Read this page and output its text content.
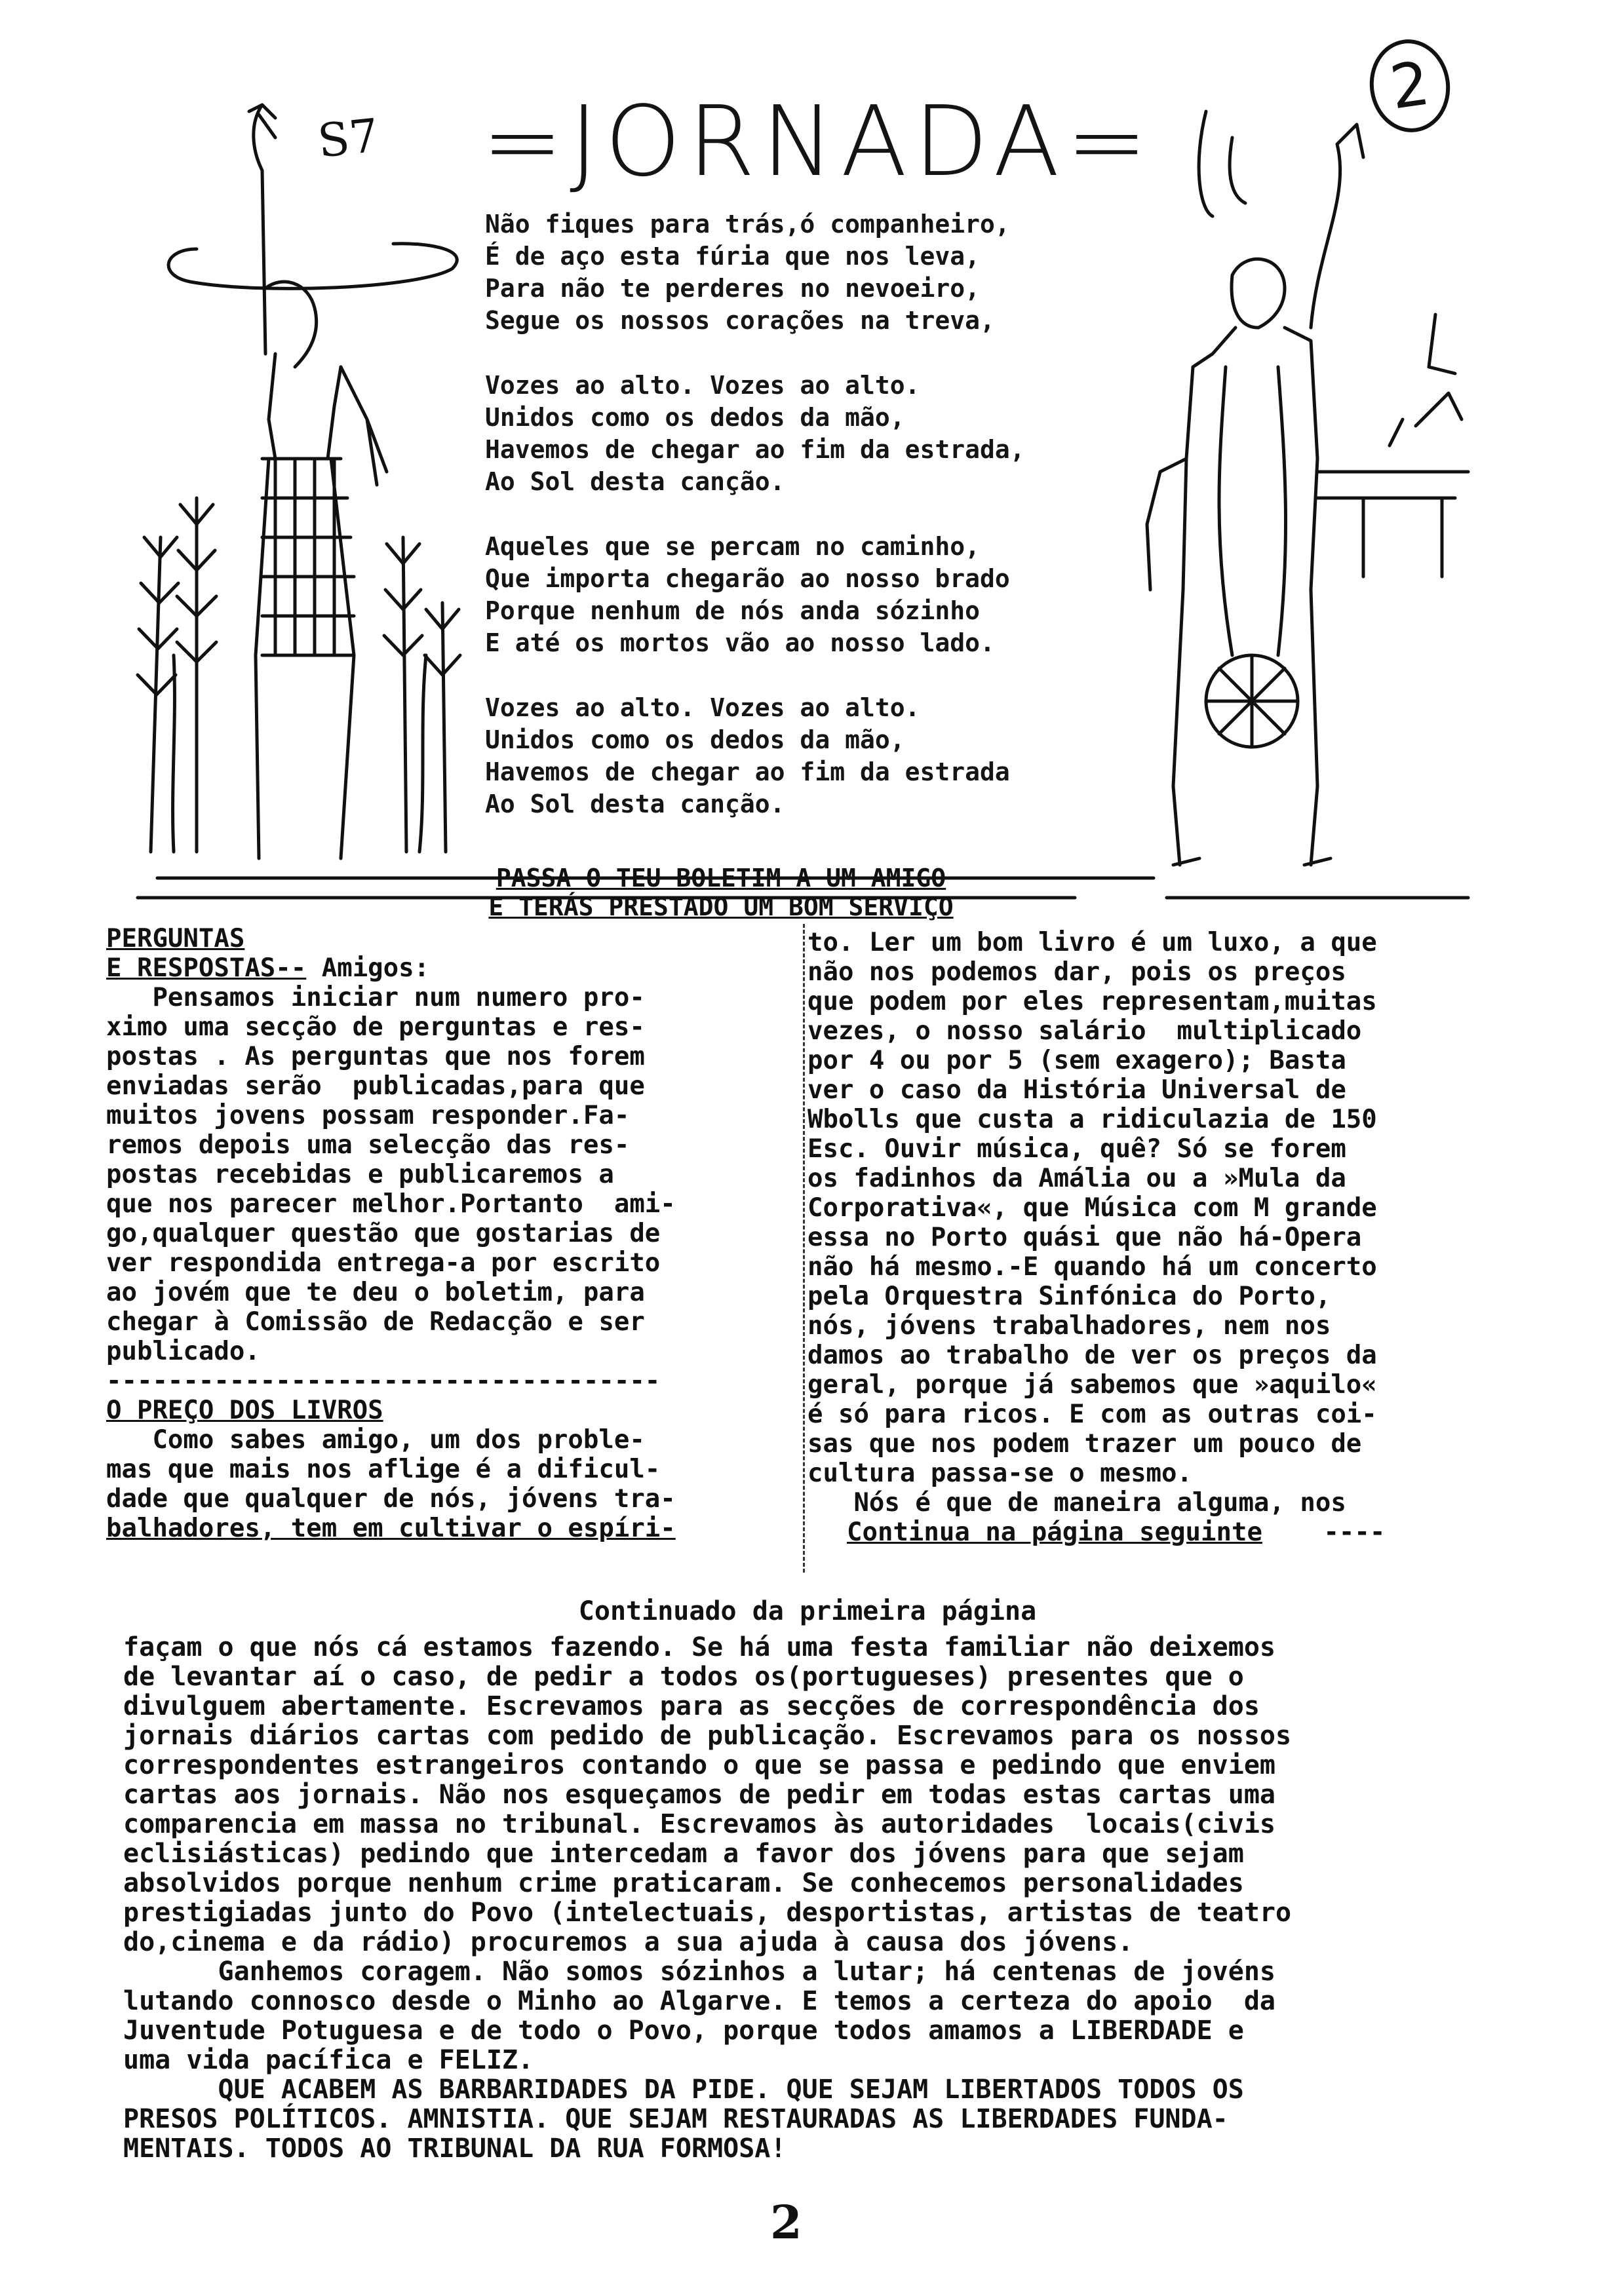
=JORNADA=
S7
2
Não fiques para trás,ó companheiro,
É de aço esta fúria que nos leva,
Para não te perderes no nevoeiro,
Segue os nossos corações na treva,
Vozes ao alto. Vozes ao alto.
Unidos como os dedos da mão,
Havemos de chegar ao fim da estrada,
Ao Sol desta canção.
Aqueles que se percam no caminho,
Que importa chegarão ao nosso brado
Porque nenhum de nós anda sózinho
E até os mortos vão ao nosso lado.
Vozes ao alto. Vozes ao alto.
Unidos como os dedos da mão,
Havemos de chegar ao fim da estrada
Ao Sol desta canção.
PASSA O TEU BOLETIM A UM AMIGO
E TERÁS PRESTADO UM BOM SERVIÇO
PERGUNTAS
E RESPOSTAS-- Amigos:
Pensamos iniciar num numero pro-
ximo uma secção de perguntas e res-
postas . As perguntas que nos forem
enviadas serão  publicadas,para que
muitos jovens possam responder.Fa-
remos depois uma selecção das res-
postas recebidas e publicaremos a
que nos parecer melhor.Portanto  ami-
go,qualquer questão que gostarias de
ver respondida entrega-a por escrito
ao jovém que te deu o boletim, para
chegar à Comissão de Redacção e ser
publicado.
------------------------------------
O PREÇO DOS LIVROS
Como sabes amigo, um dos proble-
mas que mais nos aflige é a dificul-
dade que qualquer de nós, jóvens tra-
balhadores, tem em cultivar o espíri-
to. Ler um bom livro é um luxo, a que
não nos podemos dar, pois os preços
que podem por eles representam,muitas
vezes, o nosso salário  multiplicado
por 4 ou por 5 (sem exagero); Basta
ver o caso da História Universal de
Wbolls que custa a ridiculazia de 150
Esc. Ouvir música, quê? Só se forem
os fadinhos da Amália ou a »Mula da
Corporativa«, que Música com M grande
essa no Porto quási que não há-Opera
não há mesmo.-E quando há um concerto
pela Orquestra Sinfónica do Porto,
nós, jóvens trabalhadores, nem nos
damos ao trabalho de ver os preços da
geral, porque já sabemos que »aquilo«
é só para ricos. E com as outras coi-
sas que nos podem trazer um pouco de
cultura passa-se o mesmo.
Nós é que de maneira alguma, nos
Continua na página seguinte ----
Continuado da primeira página
façam o que nós cá estamos fazendo. Se há uma festa familiar não deixemos
de levantar aí o caso, de pedir a todos os(portugueses) presentes que o
divulguem abertamente. Escrevamos para as secções de correspondência dos
jornais diários cartas com pedido de publicação. Escrevamos para os nossos
correspondentes estrangeiros contando o que se passa e pedindo que enviem
cartas aos jornais. Não nos esqueçamos de pedir em todas estas cartas uma
comparencia em massa no tribunal. Escrevamos às autoridades  locais(civis
eclisiásticas) pedindo que intercedam a favor dos jóvens para que sejam
absolvidos porque nenhum crime praticaram. Se conhecemos personalidades
prestigiadas junto do Povo (intelectuais, desportistas, artistas de teatro
do,cinema e da rádio) procuremos a sua ajuda à causa dos jóvens.
Ganhemos coragem. Não somos sózinhos a lutar; há centenas de jovéns
lutando connosco desde o Minho ao Algarve. E temos a certeza do apoio  da
Juventude Potuguesa e de todo o Povo, porque todos amamos a LIBERDADE e
uma vida pacífica e FELIZ.
QUE ACABEM AS BARBARIDADES DA PIDE. QUE SEJAM LIBERTADOS TODOS OS
PRESOS POLÍTICOS. AMNISTIA. QUE SEJAM RESTAURADAS AS LIBERDADES FUNDA-
MENTAIS. TODOS AO TRIBUNAL DA RUA FORMOSA!
2
